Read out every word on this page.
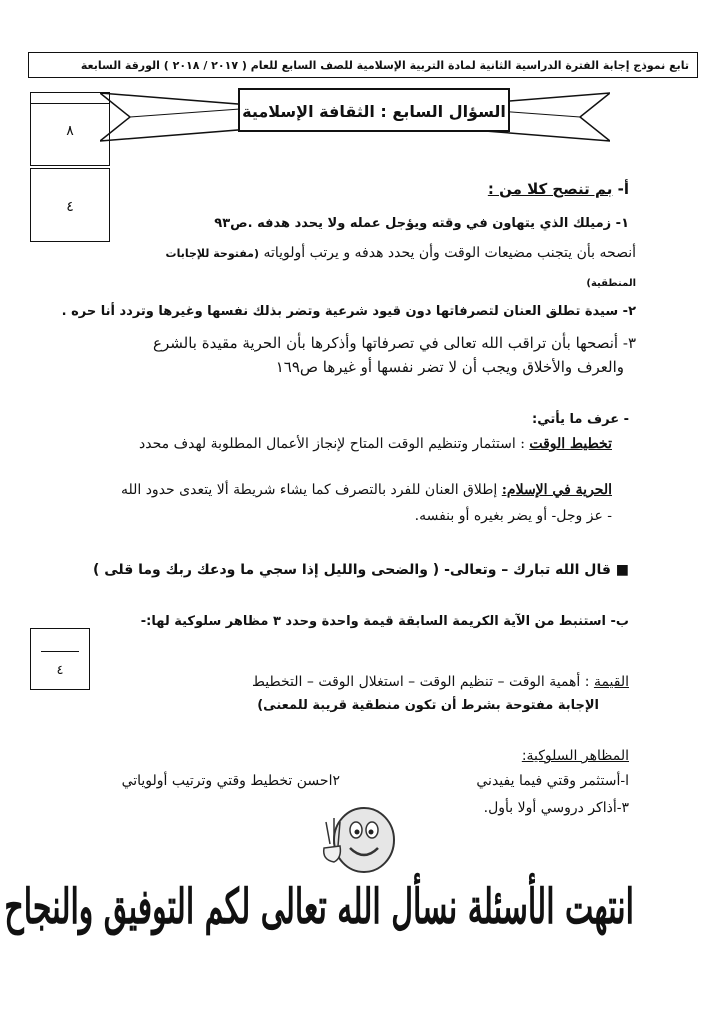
تابع نموذج إجابة الفترة الدراسية الثانية لمادة التربية الإسلامية للصف السابع للعام ( ٢٠١٧ / ٢٠١٨ ) الورقة السابعة
السؤال السابع : الثقافة الإسلامية
٨
٤
٤
أ- بم تنصح كلا من :
١- زميلك الذي يتهاون في وقته ويؤجل عمله ولا يحدد هدفه .ص٩٣
أنصحه بأن يتجنب مضيعات الوقت وأن يحدد هدفه و يرتب أولوياته (مفتوحة للإجابات
المنطقية)
٢- سيدة تطلق العنان لتصرفاتها دون قيود شرعية وتضر بذلك نفسها وغيرها وتردد أنا حره .
٣- أنصحها بأن تراقب الله تعالى في تصرفاتها وأذكرها بأن الحرية مقيدة بالشرع
والعرف والأخلاق ويجب أن لا تضر نفسها أو غيرها ص١٦٩
- عرف ما يأتي:
تخطيط الوقت : استثمار وتنظيم الوقت المتاح لإنجاز الأعمال المطلوبة لهدف محدد
الحرية في الإسلام: إطلاق العنان للفرد بالتصرف كما يشاء شريطة ألا يتعدى حدود الله
- عز وجل- أو يضر بغيره أو بنفسه.
■ قال الله تبارك – وتعالى- ( والضحى والليل إذا سجي ما ودعك ربك وما قلى )
ب- استنبط من الآية الكريمة السابقة قيمة واحدة وحدد ٣ مظاهر سلوكية لها:-
القيمة : أهمية الوقت – تنظيم الوقت – استغلال الوقت – التخطيط
الإجابة مفتوحة بشرط أن تكون منطقية قريبة للمعنى)
المظاهر السلوكية:
ا-أستثمر وقتي فيما يفيدني
٢احسن تخطيط وقتي وترتيب أولوياتي
٣-أذاكر دروسي أولا بأول.
انتهت الأسئلة نسأل الله تعالى لكم التوفيق والنجاح
